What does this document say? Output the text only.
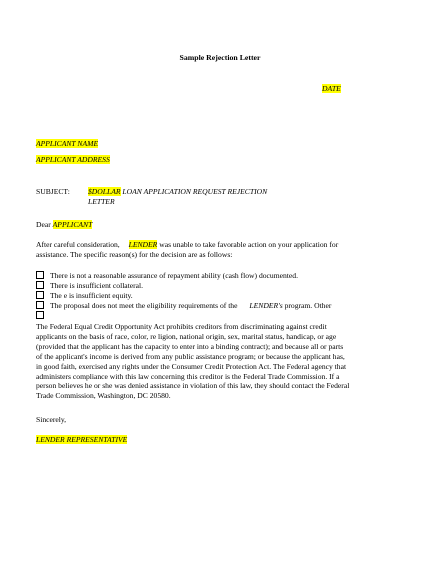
Sample Rejection Letter
DATE
APPLICANT NAME
APPLICANT ADDRESS
SUBJECT: $DOLLAR LOAN APPLICATION REQUEST REJECTION
LETTER
Dear APPLICANT
After careful consideration, LENDER was unable to take favorable action on your application for
assistance. The specific reason(s) for the decision are as follows:
There is not a reasonable assurance of repayment ability (cash flow) documented.
There is insufficient collateral.
The e is insufficient equity.
The proposal does not meet the eligibility requirements of the LENDER's program. Other
The Federal Equal Credit Opportunity Act prohibits creditors from discriminating against credit
applicants on the basis of race, color, re ligion, national origin, sex, marital status, handicap, or age
(provided that the applicant has the capacity to enter into a binding contract); and because all or parts
of the applicant's income is derived from any public assistance program; or because the applicant has,
in good faith, exercised any rights under the Consumer Credit Protection Act. The Federal agency that
administers compliance with this law concerning this creditor is the Federal Trade Commission. If a
person believes he or she was denied assistance in violation of this law, they should contact the Federal
Trade Commission, Washington, DC 20580.
Sincerely,
LENDER REPRESENTATIVE
